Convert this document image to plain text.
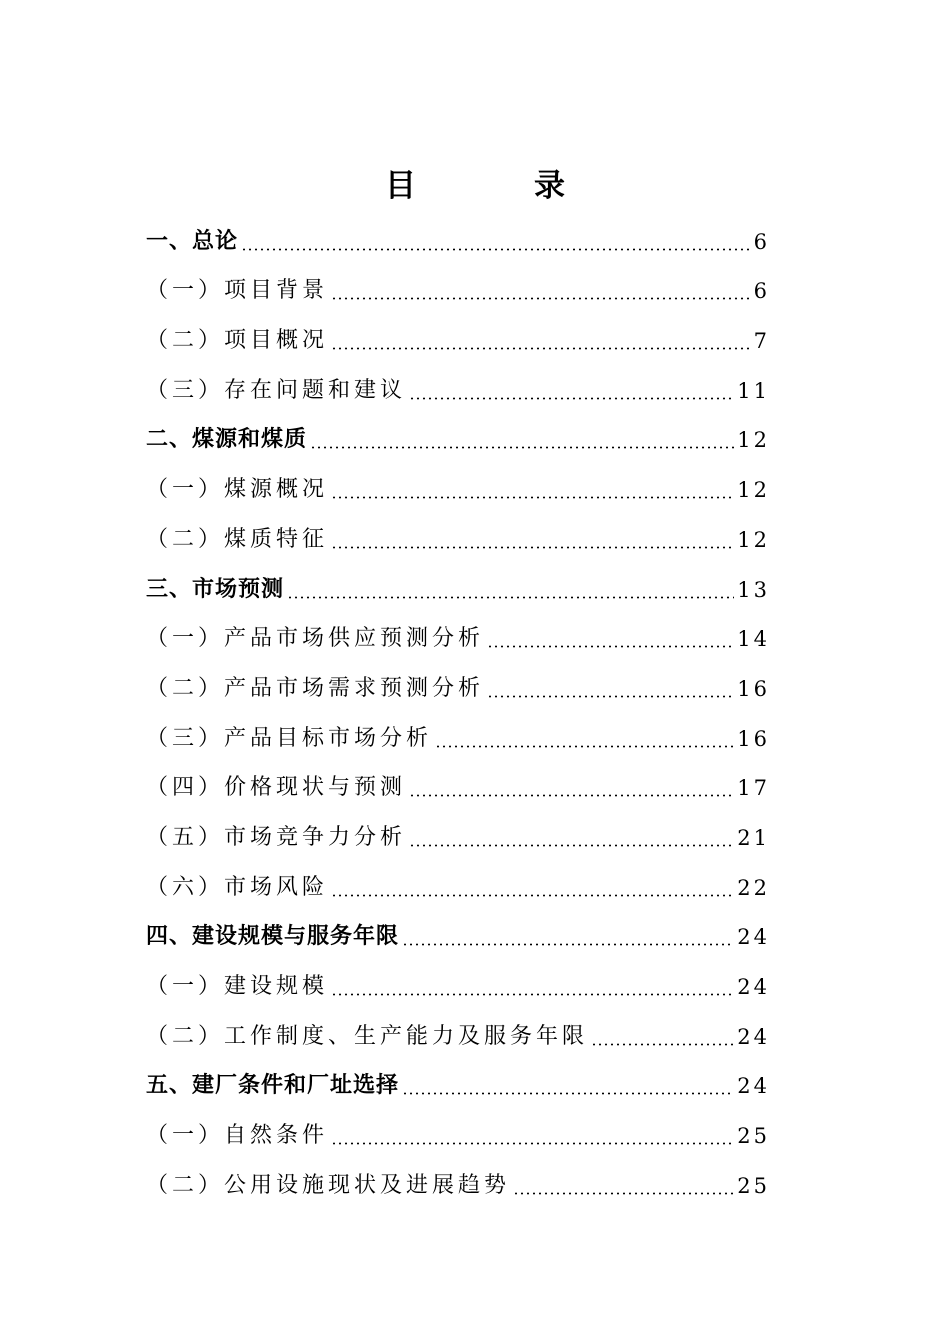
目	录
一、总论	6
（一）项目背景	6
（二）项目概况	7
（三）存在问题和建议	11
二、煤源和煤质	12
（一）煤源概况	12
（二）煤质特征	12
三、市场预测	13
（一）产品市场供应预测分析	14
（二）产品市场需求预测分析	16
（三）产品目标市场分析	16
（四）价格现状与预测	17
（五）市场竞争力分析	21
（六）市场风险	22
四、建设规模与服务年限	24
（一）建设规模	24
（二）工作制度、生产能力及服务年限	24
五、建厂条件和厂址选择	24
（一）自然条件	25
（二）公用设施现状及进展趋势	25
